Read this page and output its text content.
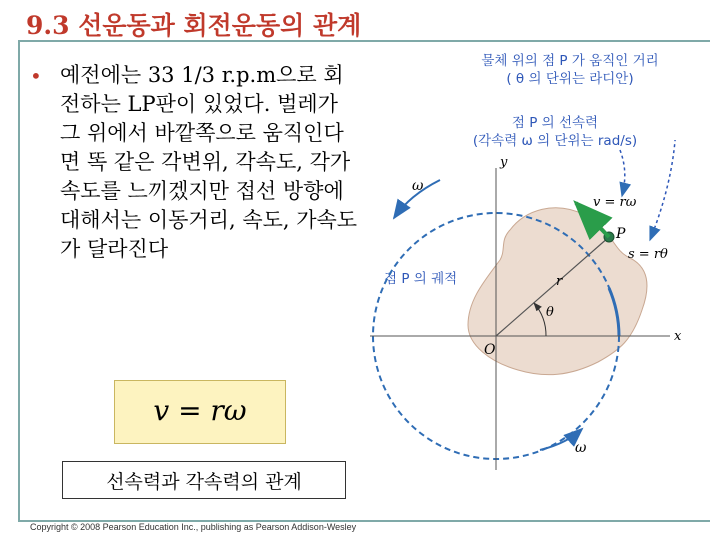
9.3 선운동과 회전운동의 관계
• 예전에는 33 1/3 r.p.m으로 회전하는 LP판이 있었다. 벌레가 그 위에서 바깥쪽으로 움직인다면 똑 같은 각변위, 각속도, 각가속도를 느끼겠지만 접선 방향에 대해서는 이동거리, 속도, 가속도가 달라진다
v = rω
선속력과 각속력의 관계
Copyright © 2008 Pearson Education Inc., publishing as Pearson Addison-Wesley
물체 위의 점 P 가 움직인 거리
( θ 의 단위는 라디안)
점 P 의 선속력
(각속력 ω 의 단위는 rad/s)
점 P 의 궤적
ω
ω
y
x
O
P
r
θ
v = rω
s = rθ
